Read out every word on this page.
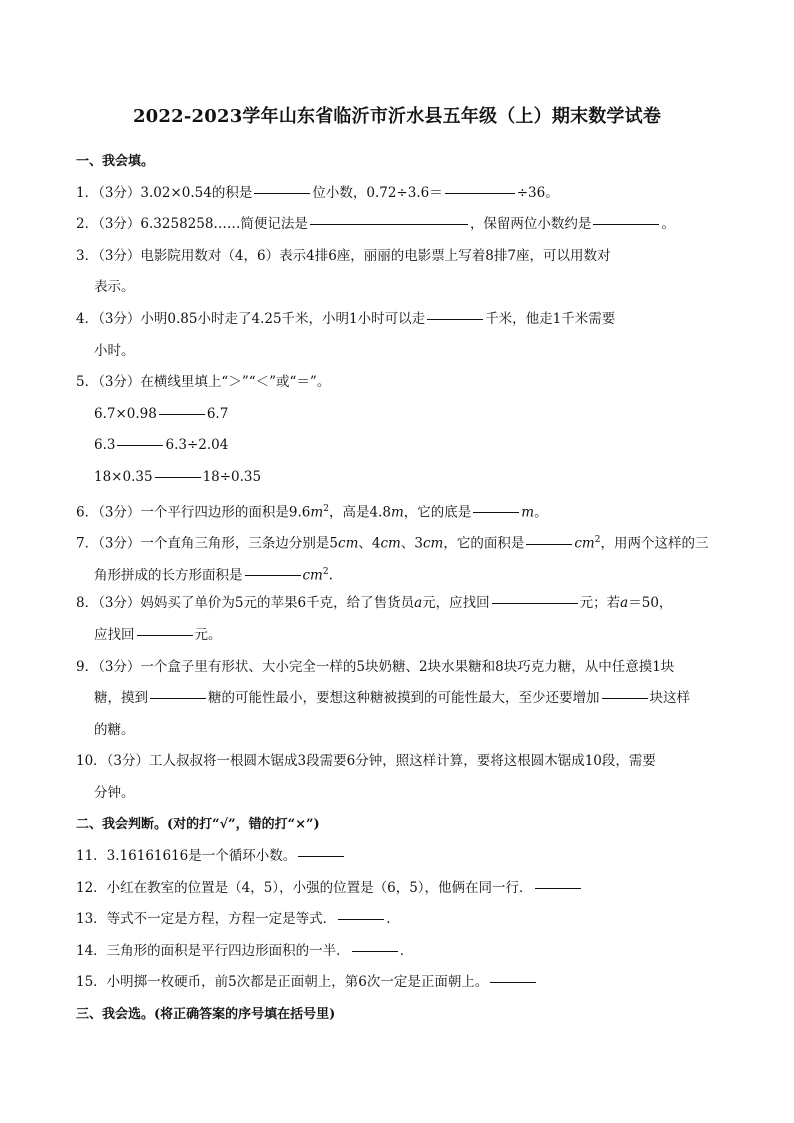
2022-2023学年山东省临沂市沂水县五年级（上）期末数学试卷
一、我会填。
1．（3分）3.02×0.54的积是	位小数，0.72÷3.6＝	÷36。
2．（3分）6.3258258……简便记法是	，保留两位小数约是	。
3．（3分）电影院用数对（4，6）表示4排6座，丽丽的电影票上写着8排7座，可以用数对
表示。
4．（3分）小明0.85小时走了4.25千米，小明1小时可以走	千米，他走1千米需要
小时。
5．（3分）在横线里填上“＞”“＜”或“＝”。
6.7×0.98	6.7
6.3	6.3÷2.04
18×0.35	18÷0.35
6．（3分）一个平行四边形的面积是$9.6m^2$，高是4.8m，它的底是	m。
7．（3分）一个直角三角形，三条边分别是5cm、4cm、3cm，它的面积是	$cm^2$，用两个这样的三
角形拼成的长方形面积是	$cm^2$.
8．（3分）妈妈买了单价为5元的苹果6千克，给了售货员a元，应找回	元；若a＝50，
应找回	元。
9．（3分）一个盒子里有形状、大小完全一样的5块奶糖、2块水果糖和8块巧克力糖，从中任意摸1块
糖，摸到	糖的可能性最小，要想这种糖被摸到的可能性最大，至少还要增加	块这样
的糖。
10．（3分）工人叔叔将一根圆木锯成3段需要6分钟，照这样计算，要将这根圆木锯成10段，需要
分钟。
二、我会判断。(对的打“√”，错的打“×”)
11．3.16161616是一个循环小数。
12．小红在教室的位置是（4，5），小强的位置是（6，5），他俩在同一行．
13．等式不一定是方程，方程一定是等式．	．
14．三角形的面积是平行四边形面积的一半．	．
15．小明掷一枚硬币，前5次都是正面朝上，第6次一定是正面朝上。
三、我会选。(将正确答案的序号填在括号里)
